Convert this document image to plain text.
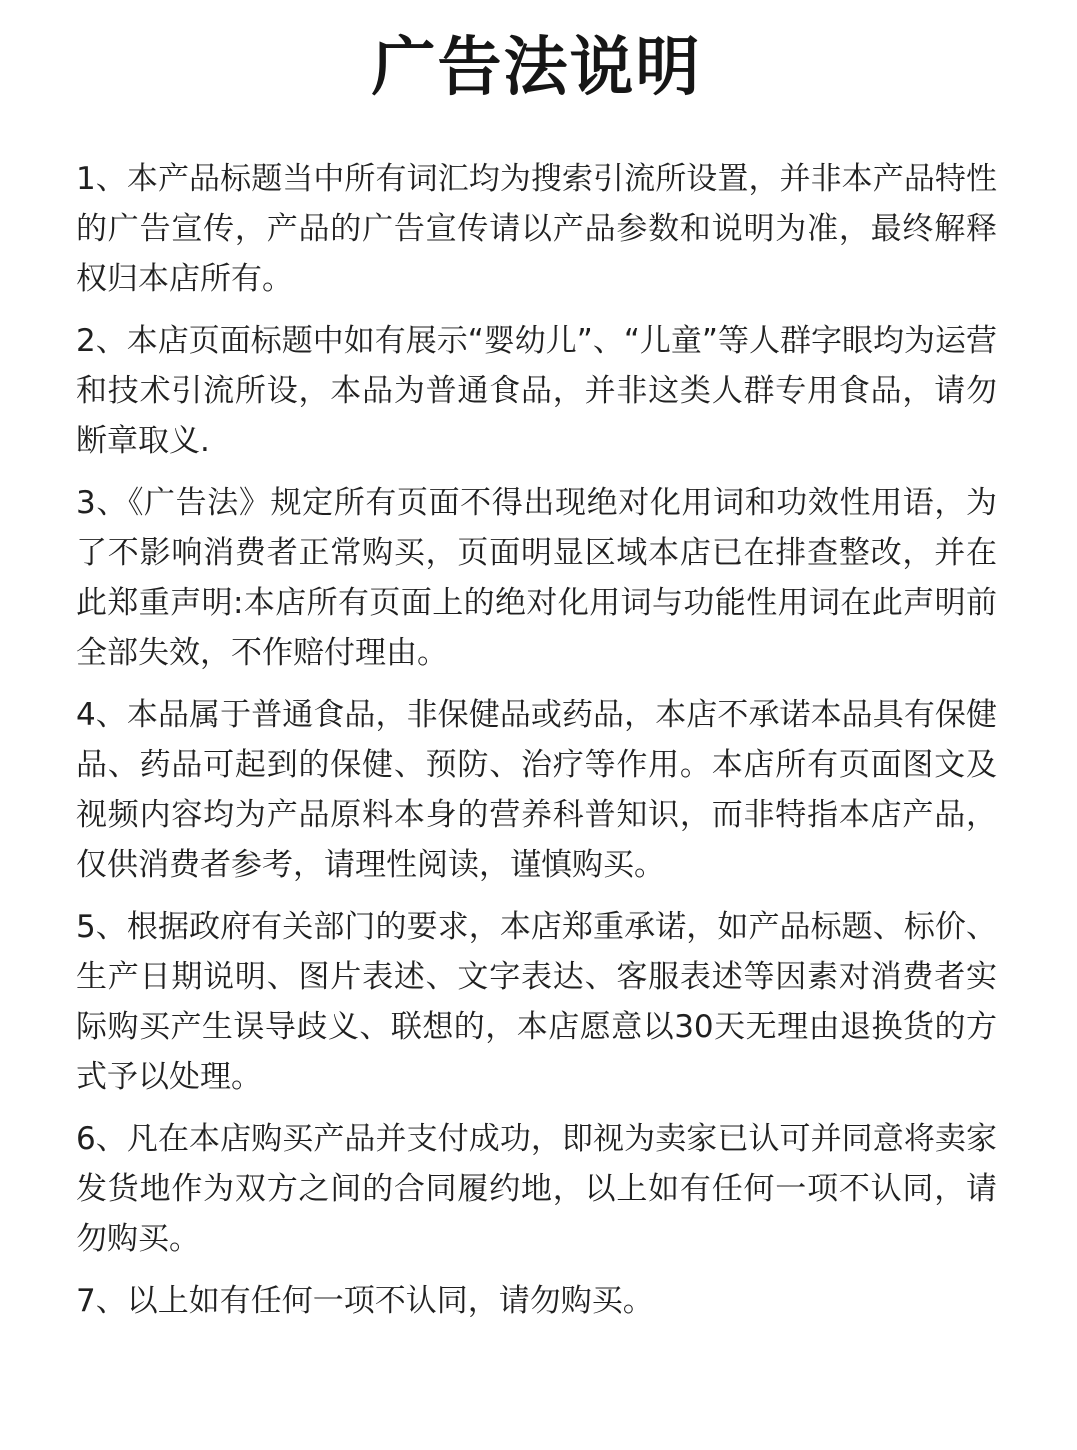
广告法说明
1、本产品标题当中所有词汇均为搜索引流所设置，并非本产品特性的广告宣传，产品的广告宣传请以产品参数和说明为准，最终解释权归本店所有。
2、本店页面标题中如有展示“婴幼儿”、“儿童”等人群字眼均为运营和技术引流所设，本品为普通食品，并非这类人群专用食品，请勿断章取义.
3、《广告法》规定所有页面不得出现绝对化用词和功效性用语，为了不影响消费者正常购买，页面明显区域本店已在排查整改，并在此郑重声明:本店所有页面上的绝对化用词与功能性用词在此声明前全部失效，不作赔付理由。
4、本品属于普通食品，非保健品或药品，本店不承诺本品具有保健品、药品可起到的保健、预防、治疗等作用。本店所有页面图文及视频内容均为产品原料本身的营养科普知识，而非特指本店产品，仅供消费者参考，请理性阅读，谨慎购买。
5、根据政府有关部门的要求，本店郑重承诺，如产品标题、标价、生产日期说明、图片表述、文字表达、客服表述等因素对消费者实际购买产生误导歧义、联想的，本店愿意以30天无理由退换货的方式予以处理。
6、凡在本店购买产品并支付成功，即视为卖家已认可并同意将卖家发货地作为双方之间的合同履约地，以上如有任何一项不认同，请勿购买。
7、以上如有任何一项不认同，请勿购买。
